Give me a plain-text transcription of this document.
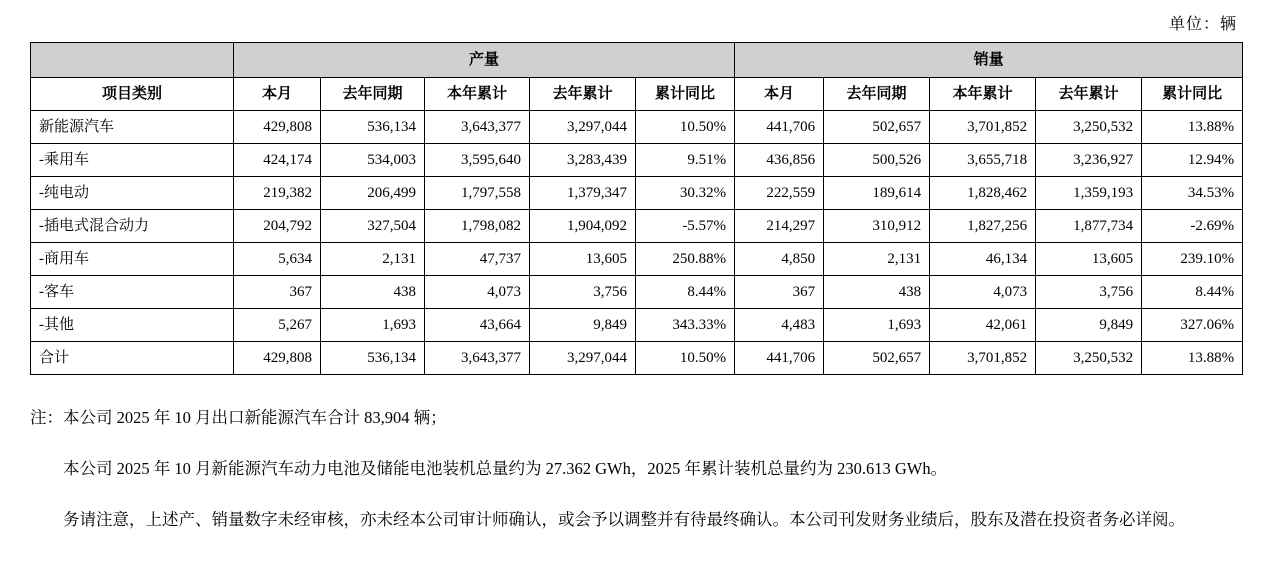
单位：辆
	产量					销量				
项目类别	本月	去年同期	本年累计	去年累计	累计同比	本月	去年同期	本年累计	去年累计	累计同比
新能源汽车	429,808	536,134	3,643,377	3,297,044	10.50%	441,706	502,657	3,701,852	3,250,532	13.88%
-乘用车	424,174	534,003	3,595,640	3,283,439	9.51%	436,856	500,526	3,655,718	3,236,927	12.94%
-纯电动	219,382	206,499	1,797,558	1,379,347	30.32%	222,559	189,614	1,828,462	1,359,193	34.53%
-插电式混合动力	204,792	327,504	1,798,082	1,904,092	-5.57%	214,297	310,912	1,827,256	1,877,734	-2.69%
-商用车	5,634	2,131	47,737	13,605	250.88%	4,850	2,131	46,134	13,605	239.10%
-客车	367	438	4,073	3,756	8.44%	367	438	4,073	3,756	8.44%
-其他	5,267	1,693	43,664	9,849	343.33%	4,483	1,693	42,061	9,849	327.06%
合计	429,808	536,134	3,643,377	3,297,044	10.50%	441,706	502,657	3,701,852	3,250,532	13.88%

注：本公司 2025 年 10 月出口新能源汽车合计 83,904 辆；

本公司 2025 年 10 月新能源汽车动力电池及储能电池装机总量约为 27.362 GWh，2025 年累计装机总量约为 230.613 GWh。

务请注意，上述产、销量数字未经审核，亦未经本公司审计师确认，或会予以调整并有待最终确认。本公司刊发财务业绩后，股东及潜在投资者务必详阅。
